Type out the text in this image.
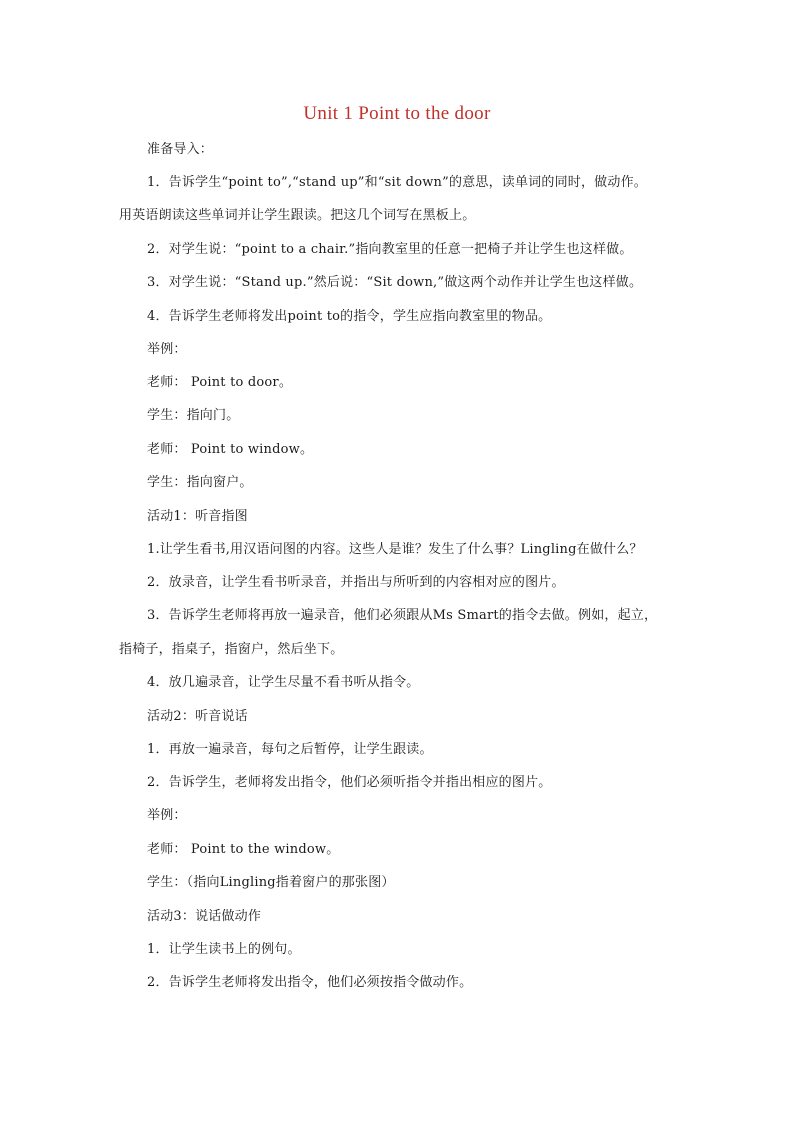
Unit 1 Point to the door
准备导入：
1．告诉学生“point to”,“stand up”和“sit down”的意思，读单词的同时，做动作。
用英语朗读这些单词并让学生跟读。把这几个词写在黑板上。
2．对学生说：“point to a chair.”指向教室里的任意一把椅子并让学生也这样做。
3．对学生说：“Stand up.”然后说：“Sit down,”做这两个动作并让学生也这样做。
4．告诉学生老师将发出point to的指令，学生应指向教室里的物品。
举例：
老师： Point to door。
学生：指向门。
老师： Point to window。
学生：指向窗户。
活动1：听音指图
1.让学生看书,用汉语问图的内容。这些人是谁？发生了什么事？Lingling在做什么？
2．放录音，让学生看书听录音，并指出与所听到的内容相对应的图片。
3．告诉学生老师将再放一遍录音，他们必须跟从Ms Smart的指令去做。例如，起立，
指椅子，指桌子，指窗户，然后坐下。
4．放几遍录音，让学生尽量不看书听从指令。
活动2：听音说话
1．再放一遍录音，每句之后暂停，让学生跟读。
2．告诉学生，老师将发出指令，他们必须听指令并指出相应的图片。
举例：
老师： Point to the window。
学生：（指向Lingling指着窗户的那张图）
活动3：说话做动作
1．让学生读书上的例句。
2．告诉学生老师将发出指令，他们必须按指令做动作。
